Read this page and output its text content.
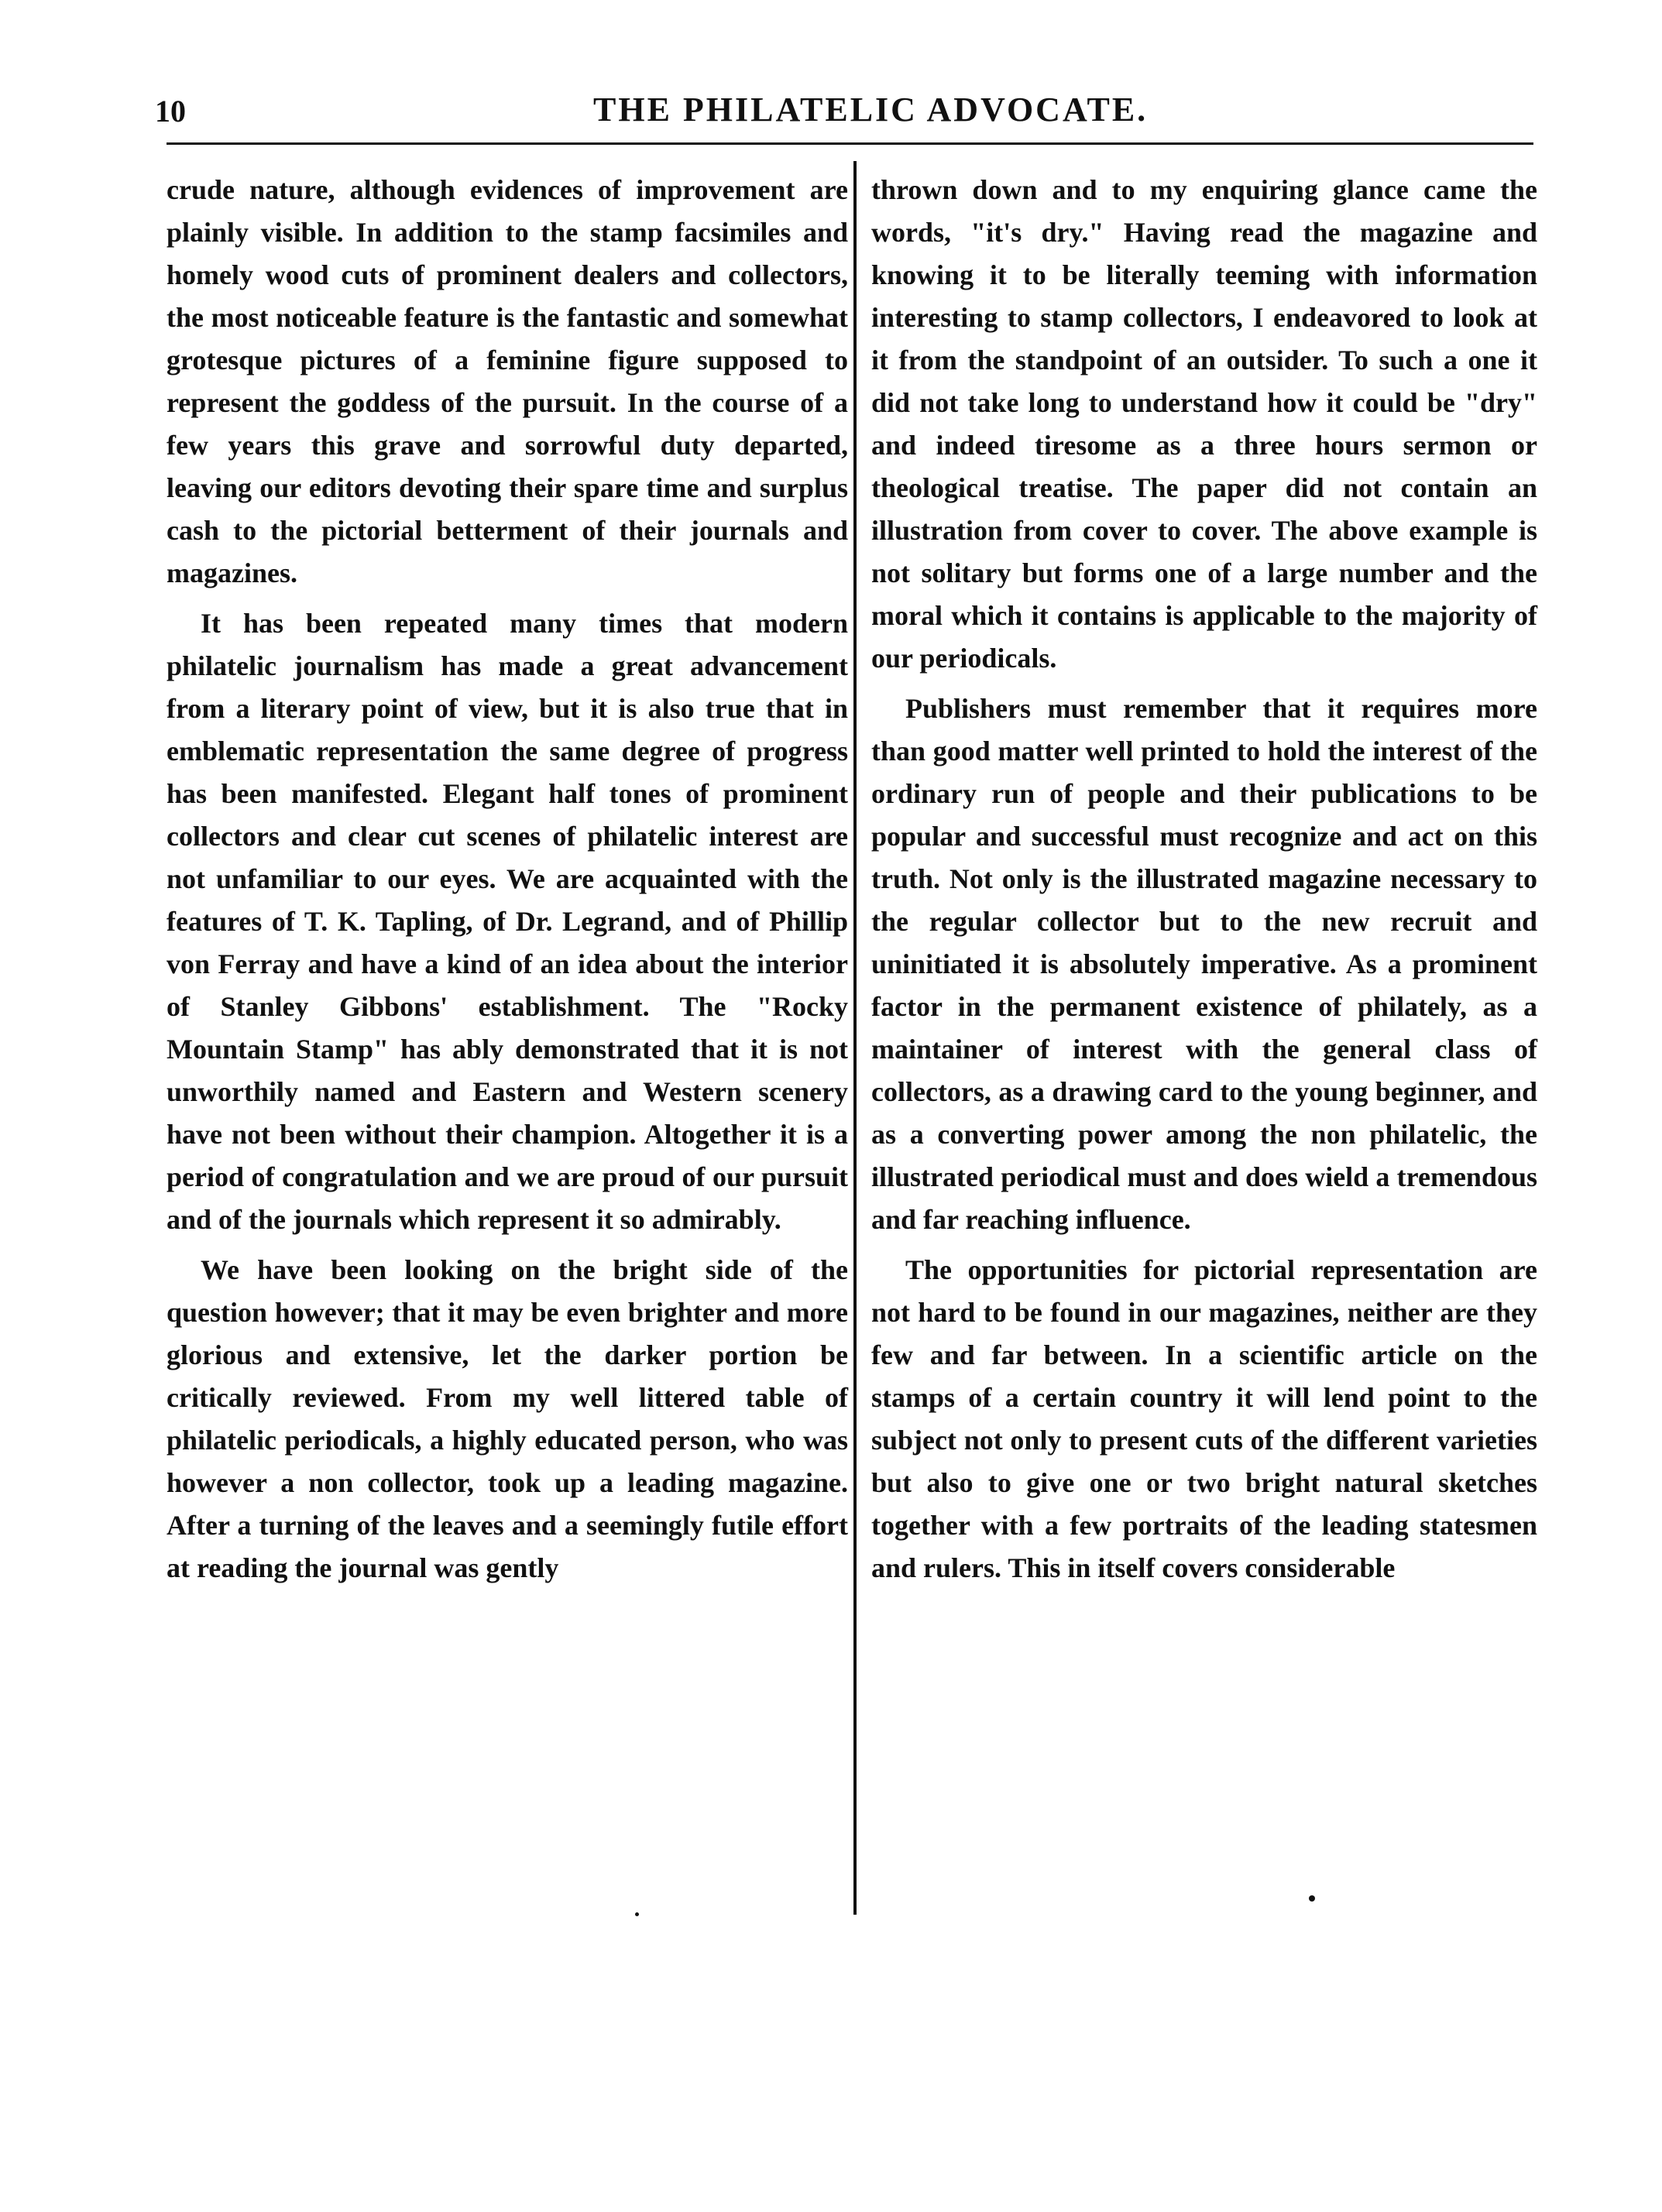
10	THE PHILATELIC ADVOCATE.

crude nature, although evidences of improvement are plainly visible. In addition to the stamp facsimiles and homely wood cuts of prominent dealers and collectors, the most noticeable feature is the fantastic and somewhat grotesque pictures of a feminine figure supposed to represent the goddess of the pursuit. In the course of a few years this grave and sorrowful duty departed, leaving our editors devoting their spare time and surplus cash to the pictorial betterment of their journals and magazines.

It has been repeated many times that modern philatelic journalism has made a great advancement from a literary point of view, but it is also true that in emblematic representation the same degree of progress has been manifested. Elegant half tones of prominent collectors and clear cut scenes of philatelic interest are not unfamiliar to our eyes. We are acquainted with the features of T. K. Tapling, of Dr. Legrand, and of Phillip von Ferray and have a kind of an idea about the interior of Stanley Gibbons' establishment. The "Rocky Mountain Stamp" has ably demonstrated that it is not unworthily named and Eastern and Western scenery have not been without their champion. Altogether it is a period of congratulation and we are proud of our pursuit and of the journals which represent it so admirably.

We have been looking on the bright side of the question however; that it may be even brighter and more glorious and extensive, let the darker portion be critically reviewed. From my well littered table of philatelic periodicals, a highly educated person, who was however a non collector, took up a leading magazine. After a turning of the leaves and a seemingly futile effort at reading the journal was gently

thrown down and to my enquiring glance came the words, "it's dry." Having read the magazine and knowing it to be literally teeming with information interesting to stamp collectors, I endeavored to look at it from the standpoint of an outsider. To such a one it did not take long to understand how it could be "dry" and indeed tiresome as a three hours sermon or theological treatise. The paper did not contain an illustration from cover to cover. The above example is not solitary but forms one of a large number and the moral which it contains is applicable to the majority of our periodicals.

Publishers must remember that it requires more than good matter well printed to hold the interest of the ordinary run of people and their publications to be popular and successful must recognize and act on this truth. Not only is the illustrated magazine necessary to the regular collector but to the new recruit and uninitiated it is absolutely imperative. As a prominent factor in the permanent existence of philately, as a maintainer of interest with the general class of collectors, as a drawing card to the young beginner, and as a converting power among the non philatelic, the illustrated periodical must and does wield a tremendous and far reaching influence.

The opportunities for pictorial representation are not hard to be found in our magazines, neither are they few and far between. In a scientific article on the stamps of a certain country it will lend point to the subject not only to present cuts of the different varieties but also to give one or two bright natural sketches together with a few portraits of the leading statesmen and rulers. This in itself covers considerable
